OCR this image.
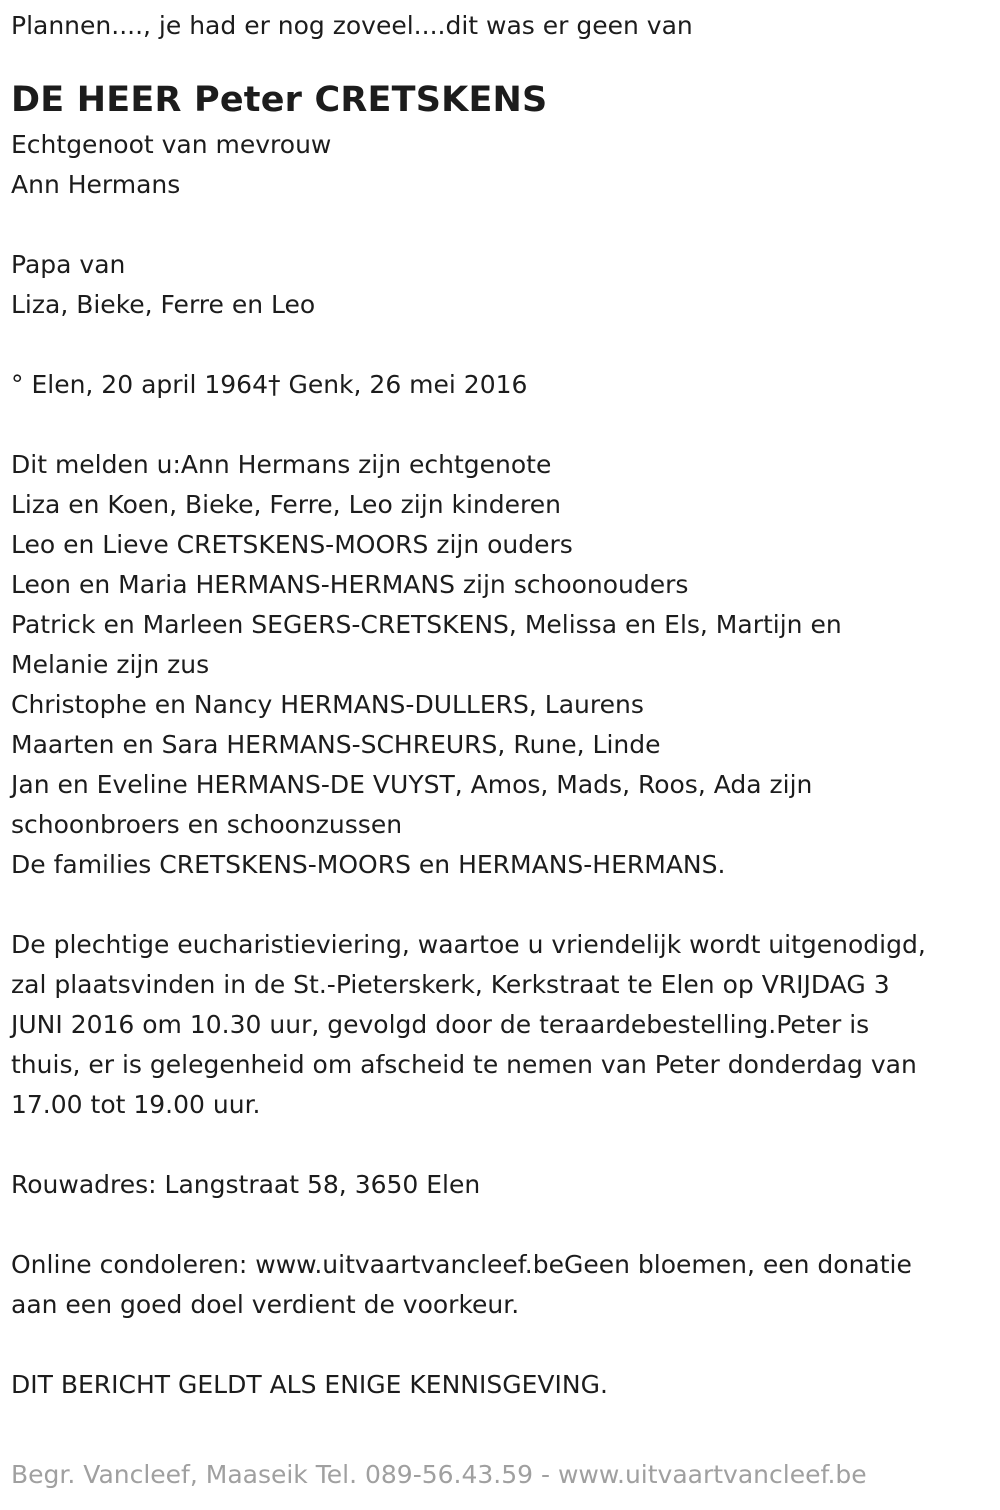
Plannen...., je had er nog zoveel....dit was er geen van
DE HEER Peter CRETSKENS
Echtgenoot van mevrouw
Ann Hermans
Papa van
Liza, Bieke, Ferre en Leo
° Elen, 20 april 1964† Genk, 26 mei 2016
Dit melden u:Ann Hermans zijn echtgenote
Liza en Koen, Bieke, Ferre, Leo zijn kinderen
Leo en Lieve CRETSKENS-MOORS zijn ouders
Leon en Maria HERMANS-HERMANS zijn schoonouders
Patrick en Marleen SEGERS-CRETSKENS, Melissa en Els, Martijn en
Melanie zijn zus
Christophe en Nancy HERMANS-DULLERS, Laurens
Maarten en Sara HERMANS-SCHREURS, Rune, Linde
Jan en Eveline HERMANS-DE VUYST, Amos, Mads, Roos, Ada zijn
schoonbroers en schoonzussen
De families CRETSKENS-MOORS en HERMANS-HERMANS.
De plechtige eucharistieviering, waartoe u vriendelijk wordt uitgenodigd,
zal plaatsvinden in de St.-Pieterskerk, Kerkstraat te Elen op VRIJDAG 3
JUNI 2016 om 10.30 uur, gevolgd door de teraardebestelling.Peter is
thuis, er is gelegenheid om afscheid te nemen van Peter donderdag van
17.00 tot 19.00 uur.
Rouwadres: Langstraat 58, 3650 Elen
Online condoleren: www.uitvaartvancleef.beGeen bloemen, een donatie
aan een goed doel verdient de voorkeur.
DIT BERICHT GELDT ALS ENIGE KENNISGEVING.
Begr. Vancleef, Maaseik Tel. 089-56.43.59 - www.uitvaartvancleef.be
